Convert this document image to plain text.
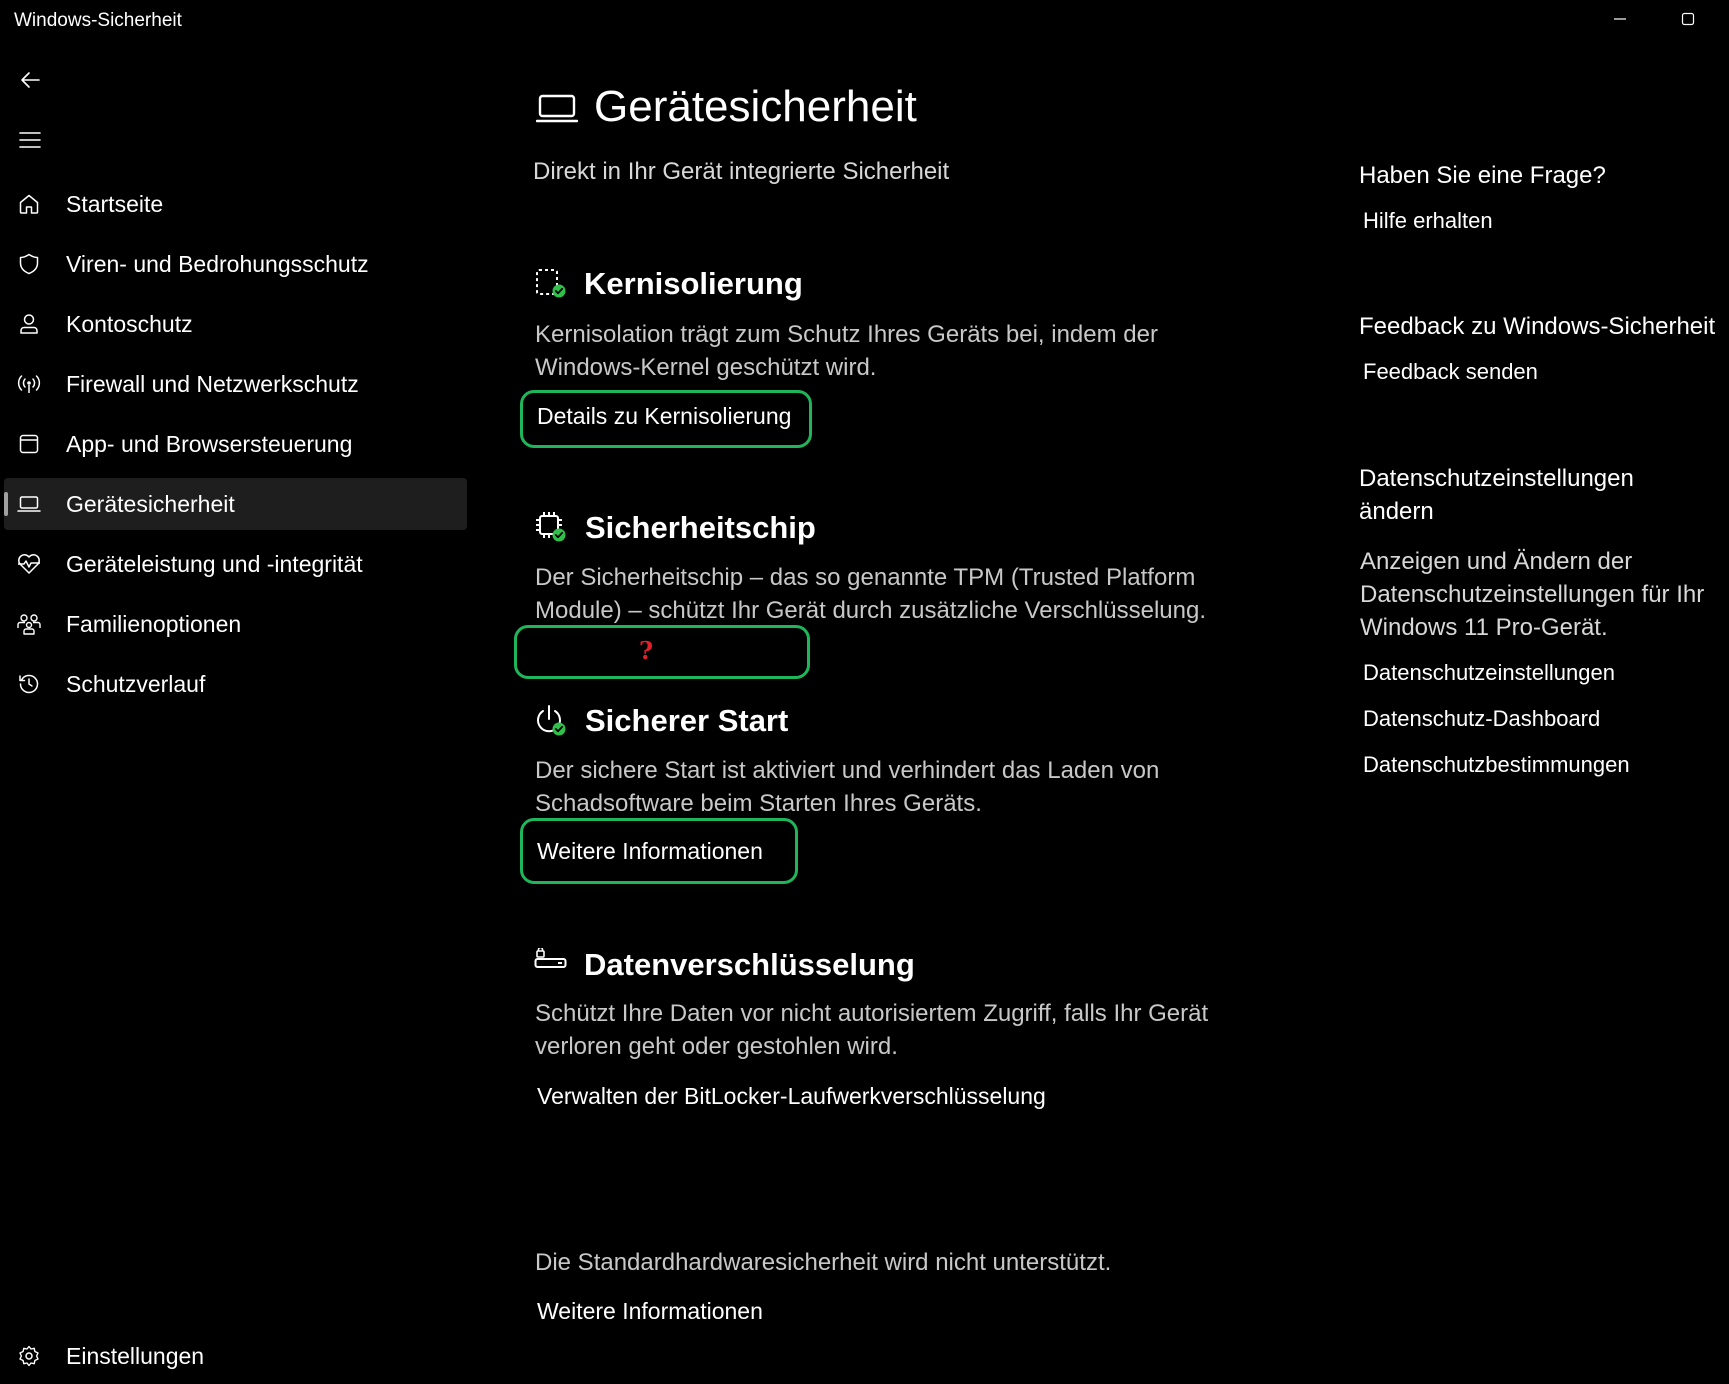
Windows-Sicherheit
Startseite
Viren- und Bedrohungsschutz
Kontoschutz
Firewall und Netzwerkschutz
App- und Browsersteuerung
Gerätesicherheit
Geräteleistung und -integrität
Familienoptionen
Schutzverlauf
Einstellungen
Gerätesicherheit
Direkt in Ihr Gerät integrierte Sicherheit
Kernisolierung
Kernisolation trägt zum Schutz Ihres Geräts bei, indem der Windows-Kernel geschützt wird.
Details zu Kernisolierung
Sicherheitschip
Der Sicherheitschip – das so genannte TPM (Trusted Platform Module) – schützt Ihr Gerät durch zusätzliche Verschlüsselung.
?
Sicherer Start
Der sichere Start ist aktiviert und verhindert das Laden von Schadsoftware beim Starten Ihres Geräts.
Weitere Informationen
Datenverschlüsselung
Schützt Ihre Daten vor nicht autorisiertem Zugriff, falls Ihr Gerät verloren geht oder gestohlen wird.
Verwalten der BitLocker-Laufwerkverschlüsselung
Die Standardhardwaresicherheit wird nicht unterstützt.
Weitere Informationen
Haben Sie eine Frage?
Hilfe erhalten
Feedback zu Windows-Sicherheit
Feedback senden
Datenschutzeinstellungen ändern
Anzeigen und Ändern der Datenschutzeinstellungen für Ihr Windows 11 Pro-Gerät.
Datenschutzeinstellungen
Datenschutz-Dashboard
Datenschutzbestimmungen
